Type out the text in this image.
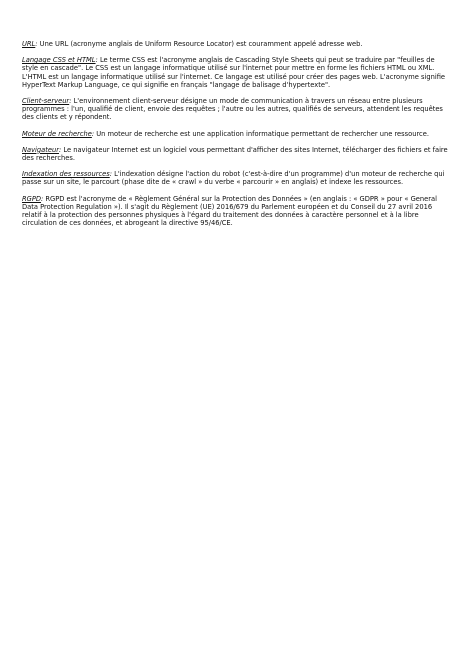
URL: Une URL (acronyme anglais de Uniform Resource Locator) est couramment appelé adresse web.

Langage CSS et HTML: Le terme CSS est l'acronyme anglais de Cascading Style Sheets qui peut se traduire par "feuilles de style en cascade". Le CSS est un langage informatique utilisé sur l'internet pour mettre en forme les fichiers HTML ou XML. L'HTML est un langage informatique utilisé sur l'internet. Ce langage est utilisé pour créer des pages web. L'acronyme signifie HyperText Markup Language, ce qui signifie en français "langage de balisage d'hypertexte".

Client-serveur: L'environnement client-serveur désigne un mode de communication à travers un réseau entre plusieurs programmes : l'un, qualifié de client, envoie des requêtes ; l'autre ou les autres, qualifiés de serveurs, attendent les requêtes des clients et y répondent.

Moteur de recherche: Un moteur de recherche est une application informatique permettant de rechercher une ressource.

Navigateur: Le navigateur Internet est un logiciel vous permettant d'afficher des sites Internet, télécharger des fichiers et faire des recherches.

Indexation des ressources: L'indexation désigne l'action du robot (c'est-à-dire d'un programme) d'un moteur de recherche qui passe sur un site, le parcourt (phase dite de « crawl » du verbe « parcourir » en anglais) et indexe les ressources.

RGPD: RGPD est l'acronyme de « Règlement Général sur la Protection des Données » (en anglais : « GDPR » pour « General Data Protection Regulation »). Il s'agit du Règlement (UE) 2016/679 du Parlement européen et du Conseil du 27 avril 2016 relatif à la protection des personnes physiques à l'égard du traitement des données à caractère personnel et à la libre circulation de ces données, et abrogeant la directive 95/46/CE.
